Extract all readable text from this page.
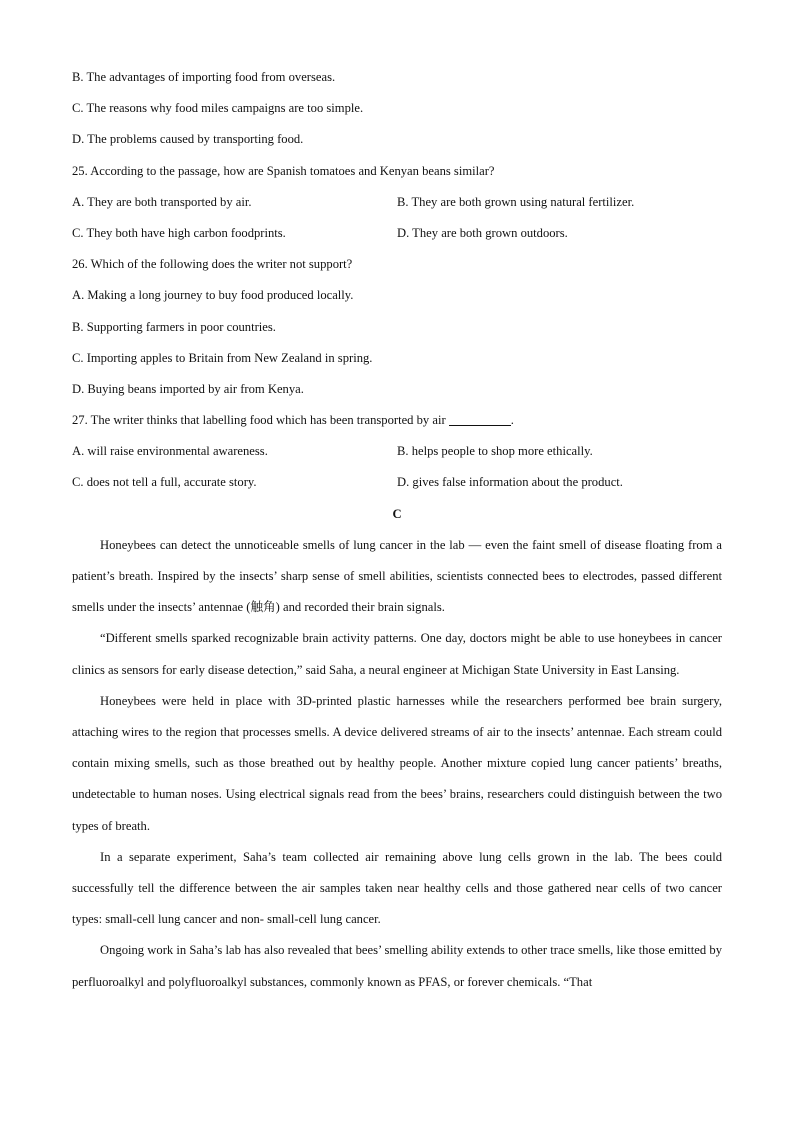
B. The advantages of importing food from overseas.
C. The reasons why food miles campaigns are too simple.
D. The problems caused by transporting food.
25. According to the passage, how are Spanish tomatoes and Kenyan beans similar?
A. They are both transported by air.	B. They are both grown using natural fertilizer.
C. They both have high carbon foodprints.	D. They are both grown outdoors.
26. Which of the following does the writer not support?
A. Making a long journey to buy food produced locally.
B. Supporting farmers in poor countries.
C. Importing apples to Britain from New Zealand in spring.
D. Buying beans imported by air from Kenya.
27. The writer thinks that labelling food which has been transported by air	.
A. will raise environmental awareness.	B. helps people to shop more ethically.
C. does not tell a full, accurate story.	D. gives false information about the product.
C

Honeybees can detect the unnoticeable smells of lung cancer in the lab — even the faint smell of disease floating from a patient’s breath. Inspired by the insects’ sharp sense of smell abilities, scientists connected bees to electrodes, passed different smells under the insects’ antennae (触角) and recorded their brain signals.

“Different smells sparked recognizable brain activity patterns. One day, doctors might be able to use honeybees in cancer clinics as sensors for early disease detection,” said Saha, a neural engineer at Michigan State University in East Lansing.

Honeybees were held in place with 3D-printed plastic harnesses while the researchers performed bee brain surgery, attaching wires to the region that processes smells. A device delivered streams of air to the insects’ antennae. Each stream could contain mixing smells, such as those breathed out by healthy people. Another mixture copied lung cancer patients’ breaths, undetectable to human noses. Using electrical signals read from the bees’ brains, researchers could distinguish between the two types of breath.

In a separate experiment, Saha’s team collected air remaining above lung cells grown in the lab. The bees could successfully tell the difference between the air samples taken near healthy cells and those gathered near cells of two cancer types: small-cell lung cancer and non- small-cell lung cancer.

Ongoing work in Saha’s lab has also revealed that bees’ smelling ability extends to other trace smells, like those emitted by perfluoroalkyl and polyfluoroalkyl substances, commonly known as PFAS, or forever chemicals. “That
